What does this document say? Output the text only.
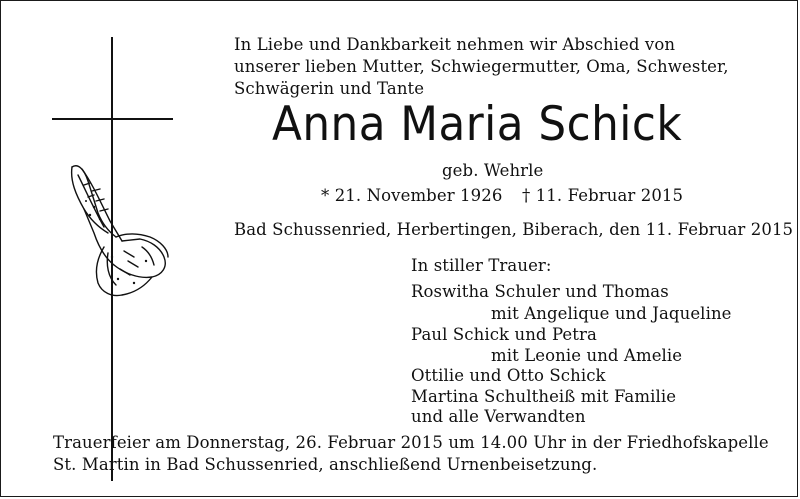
In Liebe und Dankbarkeit nehmen wir Abschied von
unserer lieben Mutter, Schwiegermutter, Oma, Schwester,
Schwägerin und Tante
Anna Maria Schick
geb. Wehrle
* 21. November 1926 † 11. Februar 2015
Bad Schussenried, Herbertingen, Biberach, den 11. Februar 2015
In stiller Trauer:
Roswitha Schuler und Thomas
mit Angelique und Jaqueline
Paul Schick und Petra
mit Leonie und Amelie
Ottilie und Otto Schick
Martina Schultheiß mit Familie
und alle Verwandten
Trauerfeier am Donnerstag, 26. Februar 2015 um 14.00 Uhr in der Friedhofskapelle
St. Martin in Bad Schussenried, anschließend Urnenbeisetzung.
